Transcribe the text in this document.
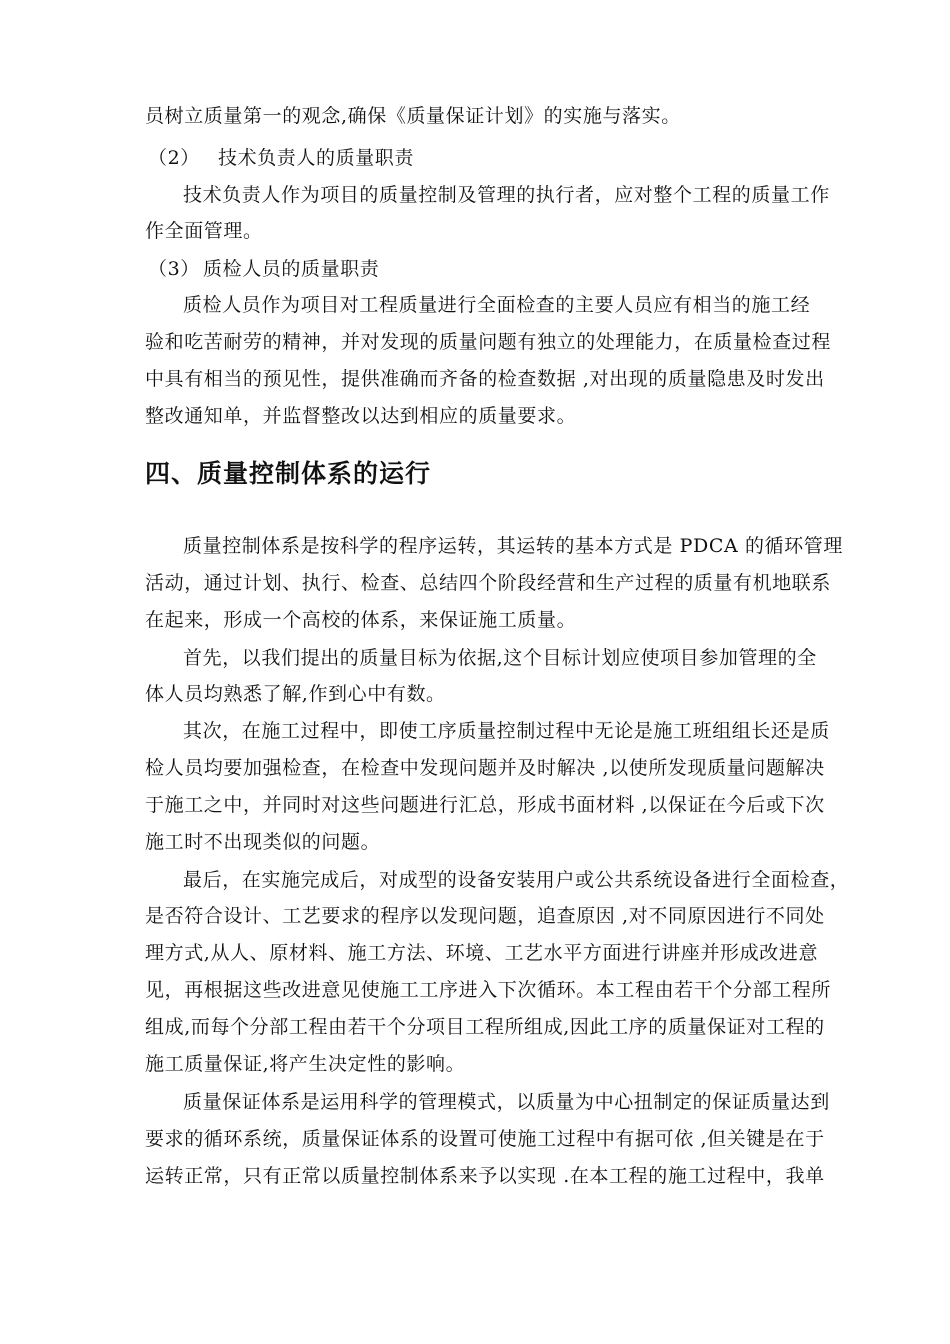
员树立质量第一的观念,确保《质量保证计划》的实施与落实。
（2） 技术负责人的质量职责
技术负责人作为项目的质量控制及管理的执行者，应对整个工程的质量工作
作全面管理。
（3） 质检人员的质量职责
质检人员作为项目对工程质量进行全面检查的主要人员应有相当的施工经
验和吃苦耐劳的精神，并对发现的质量问题有独立的处理能力，在质量检查过程
中具有相当的预见性，提供准确而齐备的检查数据 ,对出现的质量隐患及时发出
整改通知单，并监督整改以达到相应的质量要求。
四、质量控制体系的运行
质量控制体系是按科学的程序运转，其运转的基本方式是 PDCA 的循环管理
活动，通过计划、执行、检查、总结四个阶段经营和生产过程的质量有机地联系
在起来，形成一个高校的体系，来保证施工质量。
首先，以我们提出的质量目标为依据,这个目标计划应使项目参加管理的全
体人员均熟悉了解,作到心中有数。
其次，在施工过程中，即使工序质量控制过程中无论是施工班组组长还是质
检人员均要加强检查，在检查中发现问题并及时解决 ,以使所发现质量问题解决
于施工之中，并同时对这些问题进行汇总，形成书面材料 ,以保证在今后或下次
施工时不出现类似的问题。
最后，在实施完成后，对成型的设备安装用户或公共系统设备进行全面检查，
是否符合设计、工艺要求的程序以发现问题，追查原因 ,对不同原因进行不同处
理方式,从人、原材料、施工方法、环境、工艺水平方面进行讲座并形成改进意
见，再根据这些改进意见使施工工序进入下次循环。本工程由若干个分部工程所
组成,而每个分部工程由若干个分项目工程所组成,因此工序的质量保证对工程的
施工质量保证,将产生决定性的影响。
质量保证体系是运用科学的管理模式，以质量为中心扭制定的保证质量达到
要求的循环系统，质量保证体系的设置可使施工过程中有据可依 ,但关键是在于
运转正常，只有正常以质量控制体系来予以实现 .在本工程的施工过程中，我单
